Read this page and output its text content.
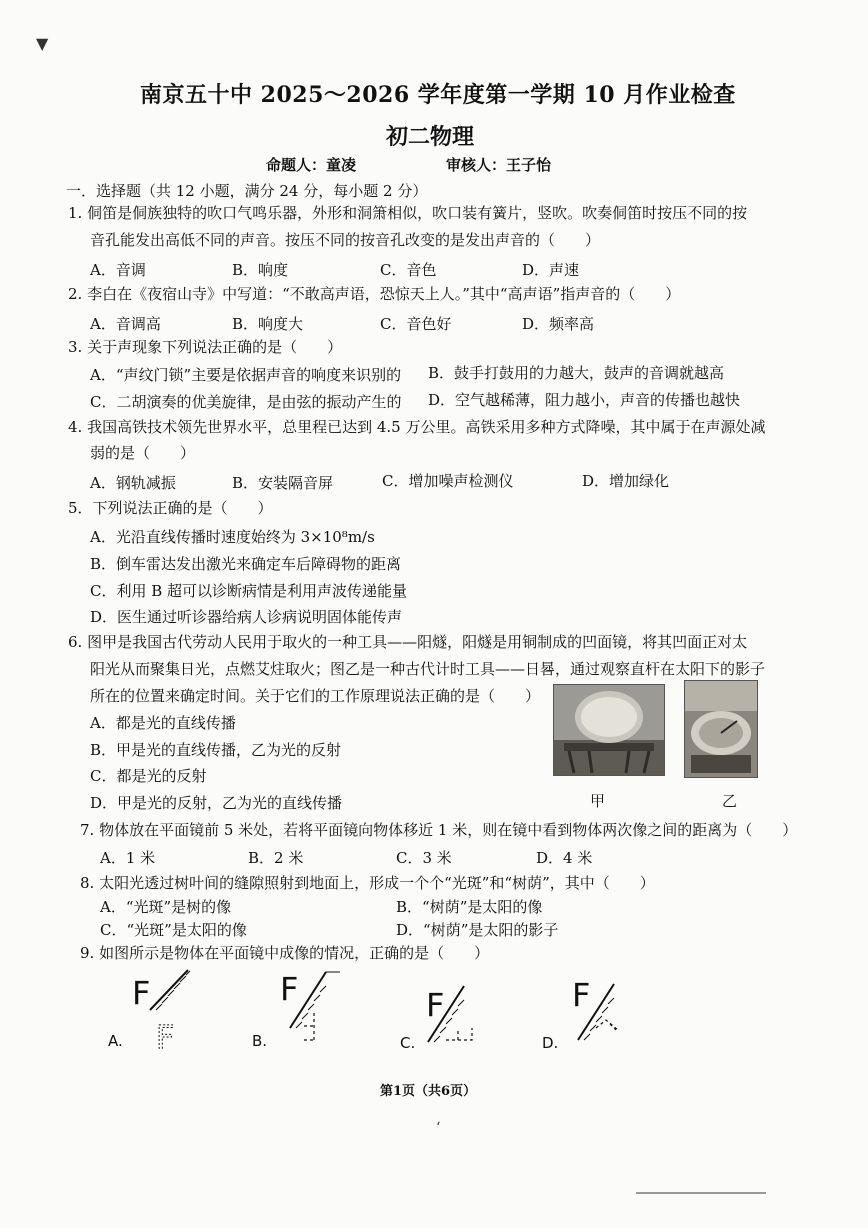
▼
南京五十中 2025～2026 学年度第一学期 10 月作业检查
初二物理
命题人：童凌	审核人：王子怡
一．选择题（共 12 小题，满分 24 分，每小题 2 分）
1. 侗笛是侗族独特的吹口气鸣乐器，外形和洞箫相似，吹口装有簧片，竖吹。吹奏侗笛时按压不同的按
音孔能发出高低不同的声音。按压不同的按音孔改变的是发出声音的（　　）
A．音调	B．响度	C．音色	D．声速
2. 李白在《夜宿山寺》中写道：“不敢高声语，恐惊天上人。”其中“高声语”指声音的（　　）
A．音调高	B．响度大	C．音色好	D．频率高
3. 关于声现象下列说法正确的是（　　）
A．“声纹门锁”主要是依据声音的响度来识别的 B．鼓手打鼓用的力越大，鼓声的音调就越高
C．二胡演奏的优美旋律，是由弦的振动产生的 D．空气越稀薄，阻力越小，声音的传播也越快
4. 我国高铁技术领先世界水平，总里程已达到 4.5 万公里。高铁采用多种方式降噪，其中属于在声源处减
弱的是（　　）
A．钢轨减振	B．安装隔音屏	C．增加噪声检测仪	D．增加绿化
5．下列说法正确的是（　　）
A．光沿直线传播时速度始终为 3×10⁸m/s
B．倒车雷达发出激光来确定车后障碍物的距离
C．利用 B 超可以诊断病情是利用声波传递能量
D．医生通过听诊器给病人诊病说明固体能传声
6. 图甲是我国古代劳动人民用于取火的一种工具——阳燧，阳燧是用铜制成的凹面镜，将其凹面正对太
阳光从而聚集日光，点燃艾炷取火；图乙是一种古代计时工具——日晷，通过观察直杆在太阳下的影子
所在的位置来确定时间。关于它们的工作原理说法正确的是（　　）
A．都是光的直线传播
B．甲是光的直线传播，乙为光的反射
C．都是光的反射
D．甲是光的反射，乙为光的直线传播	甲	乙
7. 物体放在平面镜前 5 米处，若将平面镜向物体移近 1 米，则在镜中看到物体两次像之间的距离为（　　）
A．1 米	B．2 米	C．3 米	D．4 米
8. 太阳光透过树叶间的缝隙照射到地面上，形成一个个“光斑”和“树荫”，其中（　　）
A．“光斑”是树的像	B．“树荫”是太阳的像
C．“光斑”是太阳的像	D．“树荫”是太阳的影子
9. 如图所示是物体在平面镜中成像的情况，正确的是（　　）
A.
F
F	B.
F
C.
F
D.
F
第1页（共6页）
‘
